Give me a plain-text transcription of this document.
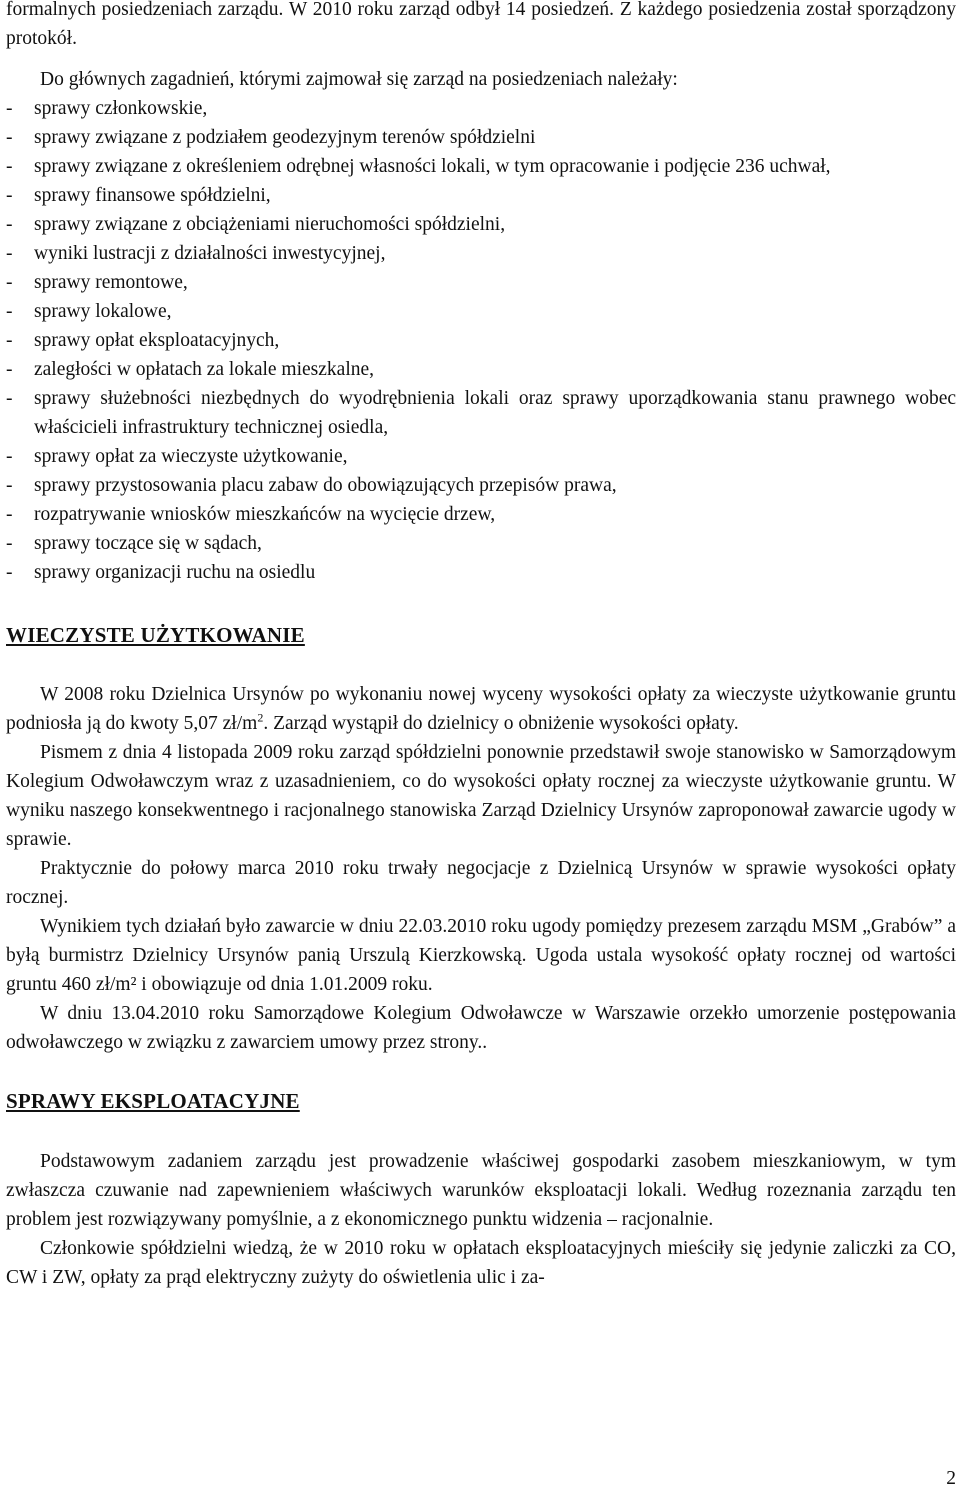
formalnych posiedzeniach zarządu. W 2010 roku zarząd odbył 14 posiedzeń. Z każdego posiedzenia został sporządzony protokół.

Do głównych zagadnień, którymi zajmował się zarząd na posiedzeniach należały:

- sprawy członkowskie,
- sprawy związane z podziałem geodezyjnym terenów spółdzielni
- sprawy związane z określeniem odrębnej własności lokali, w tym opracowanie i podjęcie 236 uchwał,
- sprawy finansowe spółdzielni,
- sprawy związane z obciążeniami nieruchomości spółdzielni,
- wyniki lustracji z działalności inwestycyjnej,
- sprawy remontowe,
- sprawy lokalowe,
- sprawy opłat eksploatacyjnych,
- zaległości w opłatach za lokale mieszkalne,
- sprawy służebności niezbędnych do wyodrębnienia lokali oraz sprawy uporządkowania stanu prawnego wobec właścicieli infrastruktury technicznej osiedla,
- sprawy opłat za wieczyste użytkowanie,
- sprawy przystosowania placu zabaw do obowiązujących przepisów prawa,
- rozpatrywanie wniosków mieszkańców na wycięcie drzew,
- sprawy toczące się w sądach,
- sprawy organizacji ruchu na osiedlu
WIECZYSTE UŻYTKOWANIE

W 2008 roku Dzielnica Ursynów po wykonaniu nowej wyceny wysokości opłaty za wieczyste użytkowanie gruntu podniosła ją do kwoty 5,07 $zł/m^2$. Zarząd wystąpił do dzielnicy o obniżenie wysokości opłaty.

Pismem z dnia 4 listopada 2009 roku zarząd spółdzielni ponownie przedstawił swoje stanowisko w Samorządowym Kolegium Odwoławczym wraz z uzasadnieniem, co do wysokości opłaty rocznej za wieczyste użytkowanie gruntu. W wyniku naszego konsekwentnego i racjonalnego stanowiska Zarząd Dzielnicy Ursynów zaproponował zawarcie ugody w sprawie.

Praktycznie do połowy marca 2010 roku trwały negocjacje z Dzielnicą Ursynów w sprawie wysokości opłaty rocznej.

Wynikiem tych działań było zawarcie w dniu 22.03.2010 roku ugody pomiędzy prezesem zarządu MSM „Grabów” a byłą burmistrz Dzielnicy Ursynów panią Urszulą Kierzkowską. Ugoda ustala wysokość opłaty rocznej od wartości gruntu 460 zł/m² i obowiązuje od dnia 1.01.2009 roku.

W dniu 13.04.2010 roku Samorządowe Kolegium Odwoławcze w Warszawie orzekło umorzenie postępowania odwoławczego w związku z zawarciem umowy przez strony..

SPRAWY EKSPLOATACYJNE

Podstawowym zadaniem zarządu jest prowadzenie właściwej gospodarki zasobem mieszkaniowym, w tym zwłaszcza czuwanie nad zapewnieniem właściwych warunków eksploatacji lokali. Według rozeznania zarządu ten problem jest rozwiązywany pomyślnie, a z ekonomicznego punktu widzenia – racjonalnie.

Członkowie spółdzielni wiedzą, że w 2010 roku w opłatach eksploatacyjnych mieściły się jedynie zaliczki za CO, CW i ZW, opłaty za prąd elektryczny zużyty do oświetlenia ulic i za-

2
